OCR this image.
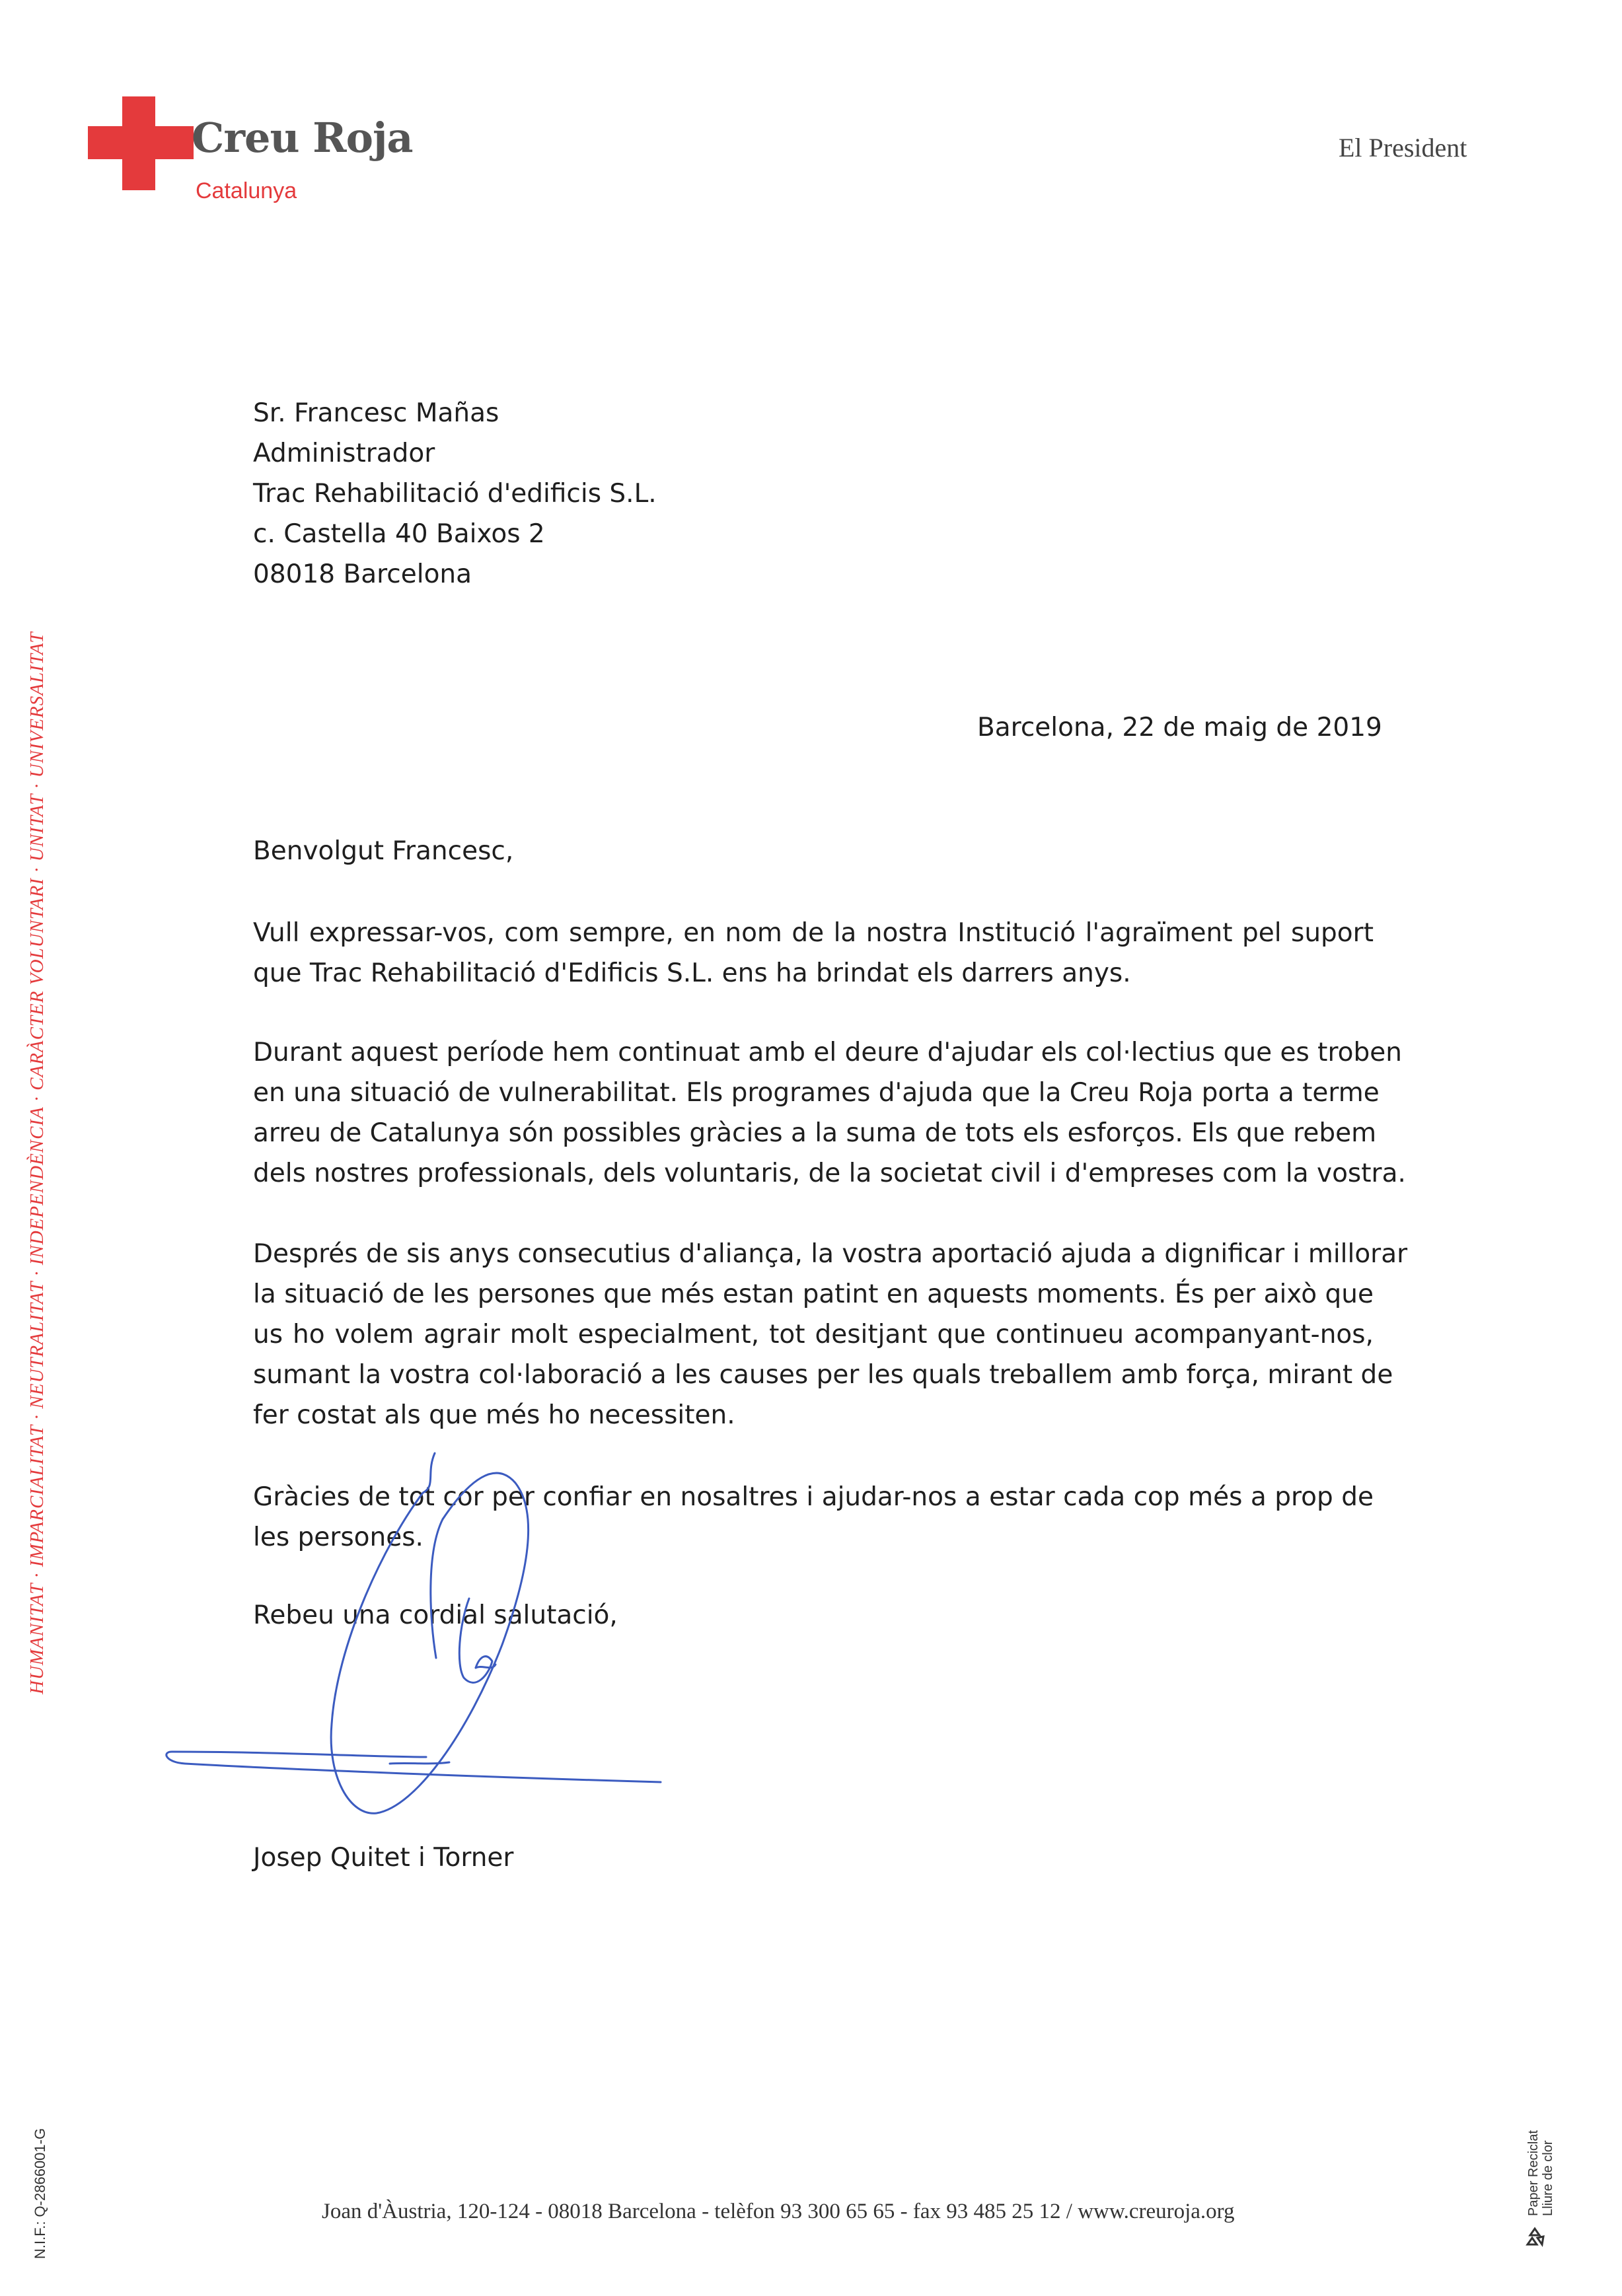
Creu Roja
Catalunya
El President
HUMANITAT · IMPARCIALITAT · NEUTRALITAT · INDEPENDÈNCIA · CARÀCTER VOLUNTARI · UNITAT · UNIVERSALITAT
Sr. Francesc Mañas
Administrador
Trac Rehabilitació d'edificis S.L.
c. Castella 40 Baixos 2
08018 Barcelona
Barcelona, 22 de maig de 2019
Benvolgut Francesc,
Vull expressar-vos, com sempre, en nom de la nostra Institució l'agraïment pel suport
que Trac Rehabilitació d'Edificis S.L. ens ha brindat els darrers anys.
Durant aquest període hem continuat amb el deure d'ajudar els col·lectius que es troben
en una situació de vulnerabilitat. Els programes d'ajuda que la Creu Roja porta a terme
arreu de Catalunya són possibles gràcies a la suma de tots els esforços. Els que rebem
dels nostres professionals, dels voluntaris, de la societat civil i d'empreses com la vostra.
Després de sis anys consecutius d'aliança, la vostra aportació ajuda a dignificar i millorar
la situació de les persones que més estan patint en aquests moments. És per això que
us ho volem agrair molt especialment, tot desitjant que continueu acompanyant-nos,
sumant la vostra col·laboració a les causes per les quals treballem amb força, mirant de
fer costat als que més ho necessiten.
Gràcies de tot cor per confiar en nosaltres i ajudar-nos a estar cada cop més a prop de
les persones.
Rebeu una cordial salutació,
Josep Quitet i Torner
N.I.F.: Q-2866001-G	Joan d'Àustria, 120-124 - 08018 Barcelona - telèfon 93 300 65 65 - fax 93 485 25 12 / www.creuroja.org	Paper Reciclat Lliure de clor
